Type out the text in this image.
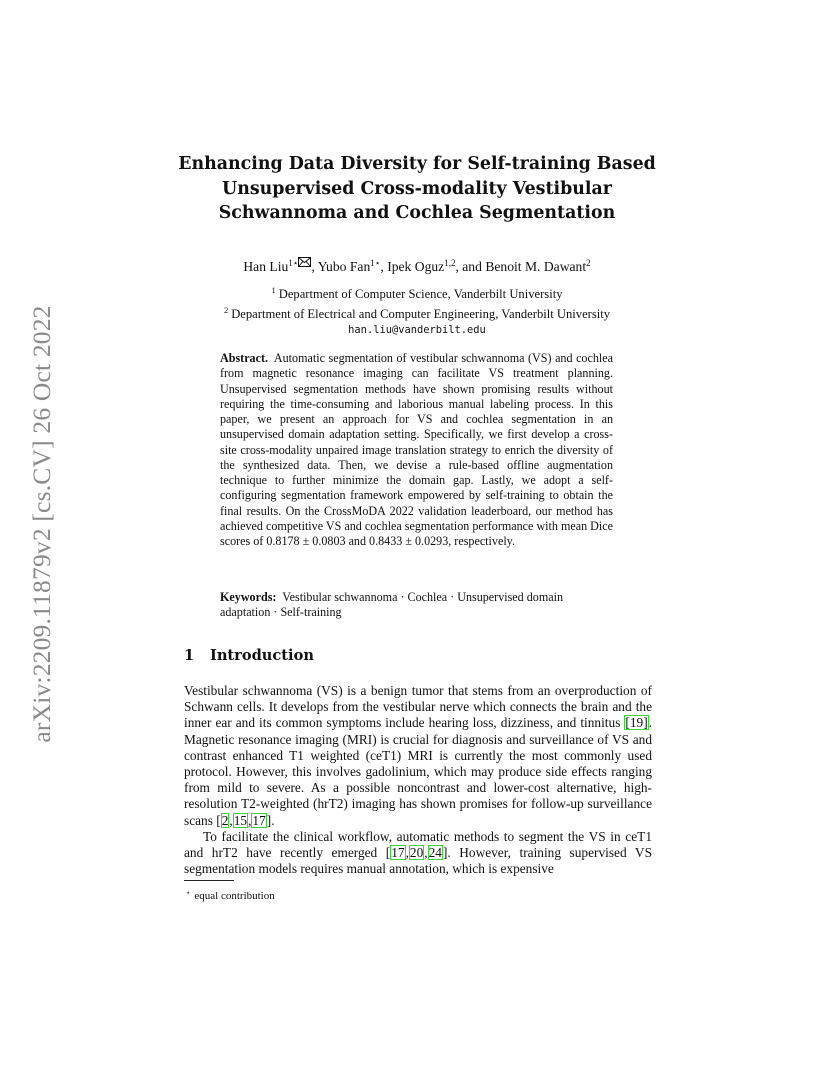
arXiv:2209.11879v2 [cs.CV] 26 Oct 2022
Enhancing Data Diversity for Self-training Based Unsupervised Cross-modality Vestibular Schwannoma and Cochlea Segmentation
Han Liu$^{1⋆}$ , Yubo Fan$^{1⋆}$, Ipek Oguz$^{1,2}$, and Benoit M. Dawant$^2$
$^1$ Department of Computer Science, Vanderbilt University
$^2$ Department of Electrical and Computer Engineering, Vanderbilt University
han.liu@vanderbilt.edu
Abstract. Automatic segmentation of vestibular schwannoma (VS) and cochlea from magnetic resonance imaging can facilitate VS treatment planning. Unsupervised segmentation methods have shown promising results without requiring the time-consuming and laborious manual labeling process. In this paper, we present an approach for VS and cochlea segmentation in an unsupervised domain adaptation setting. Specifically, we first develop a cross-site cross-modality unpaired image translation strategy to enrich the diversity of the synthesized data. Then, we devise a rule-based offline augmentation technique to further minimize the domain gap. Lastly, we adopt a self-configuring segmentation framework empowered by self-training to obtain the final results. On the CrossMoDA 2022 validation leaderboard, our method has achieved competitive VS and cochlea segmentation performance with mean Dice scores of 0.8178 ± 0.0803 and 0.8433 ± 0.0293, respectively.
Keywords: Vestibular schwannoma · Cochlea · Unsupervised domain adaptation · Self-training
1 Introduction

Vestibular schwannoma (VS) is a benign tumor that stems from an overproduction of Schwann cells. It develops from the vestibular nerve which connects the brain and the inner ear and its common symptoms include hearing loss, dizziness, and tinnitus [19]. Magnetic resonance imaging (MRI) is crucial for diagnosis and surveillance of VS and contrast enhanced T1 weighted (ceT1) MRI is currently the most commonly used protocol. However, this involves gadolinium, which may produce side effects ranging from mild to severe. As a possible noncontrast and lower-cost alternative, high-resolution T2-weighted (hrT2) imaging has shown promises for follow-up surveillance scans [2,15,17].

To facilitate the clinical workflow, automatic methods to segment the VS in ceT1 and hrT2 have recently emerged [17,20,24]. However, training supervised VS segmentation models requires manual annotation, which is expensive

⋆ equal contribution
